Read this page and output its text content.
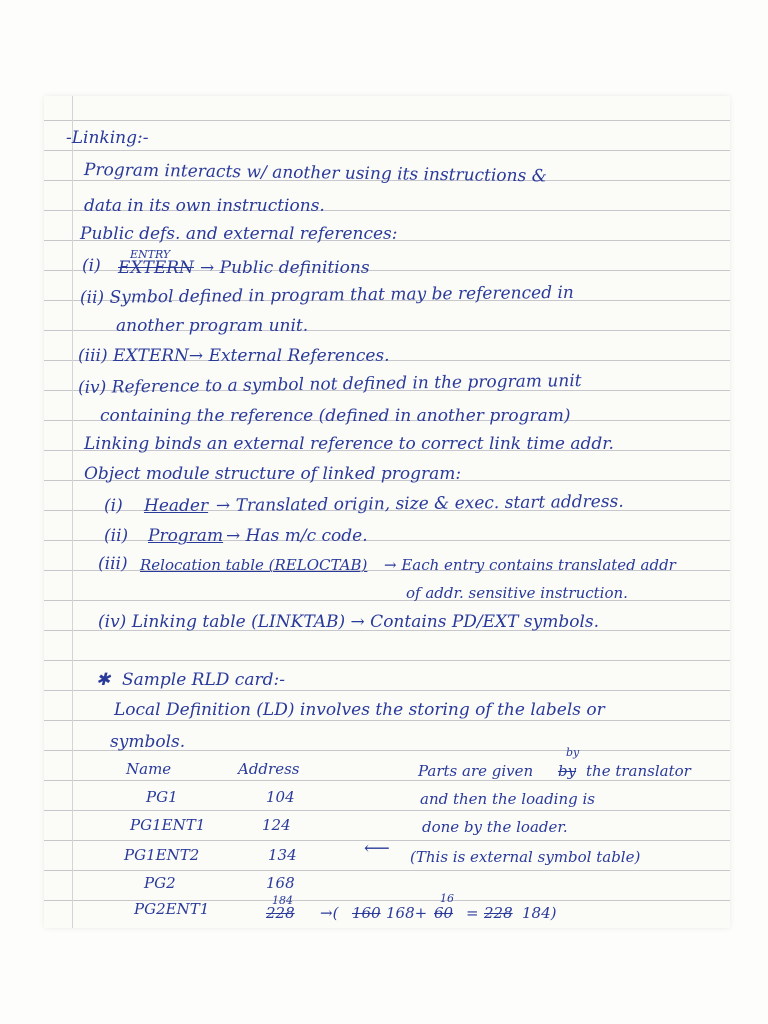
-Linking:-
Program interacts w/ another using its instructions &
data in its own instructions.
Public defs. and external references:
ENTRY
(i) EXTERN → Public definitions
(ii) Symbol defined in program that may be referenced in
another program unit.
(iii) EXTERN→ External References.
(iv) Reference to a symbol not defined in the program unit
containing the reference (defined in another program)
Linking binds an external reference to correct link time addr.
Object module structure of linked program:
(i) Header → Translated origin, size & exec. start address.
(ii) Program → Has m/c code.
(iii) Relocation table (RELOCTAB) → Each entry contains translated addr
of addr. sensitive instruction.
(iv) Linking table (LINKTAB) → Contains PD/EXT symbols.
✱ Sample RLD card:-
Local Definition (LD) involves the storing of the labels or
symbols.
Name	Address
PG1	104
PG1ENT1	124
PG1ENT2	134
PG2	168
PG2ENT1	184
228 →( 160 168+
16
60 = 228 184)
Parts are given
by
by the translator
and then the loading is
done by the loader.
⟵ (This is external symbol table)
